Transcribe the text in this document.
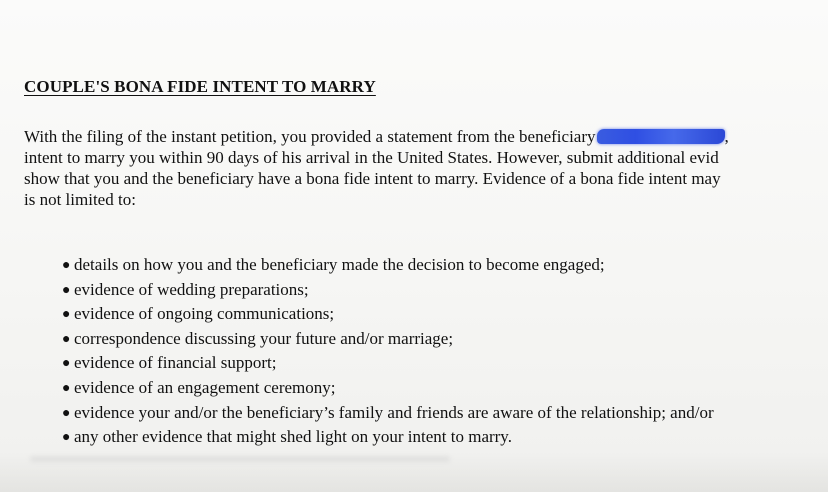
COUPLE'S BONA FIDE INTENT TO MARRY
With the filing of the instant petition, you provided a statement from the beneficiary	,
intent to marry you within 90 days of his arrival in the United States. However, submit additional evid
show that you and the beneficiary have a bona fide intent to marry. Evidence of a bona fide intent may
is not limited to:
● details on how you and the beneficiary made the decision to become engaged;
● evidence of wedding preparations;
● evidence of ongoing communications;
● correspondence discussing your future and/or marriage;
● evidence of financial support;
● evidence of an engagement ceremony;
● evidence your and/or the beneficiary’s family and friends are aware of the relationship; and/or
● any other evidence that might shed light on your intent to marry.
